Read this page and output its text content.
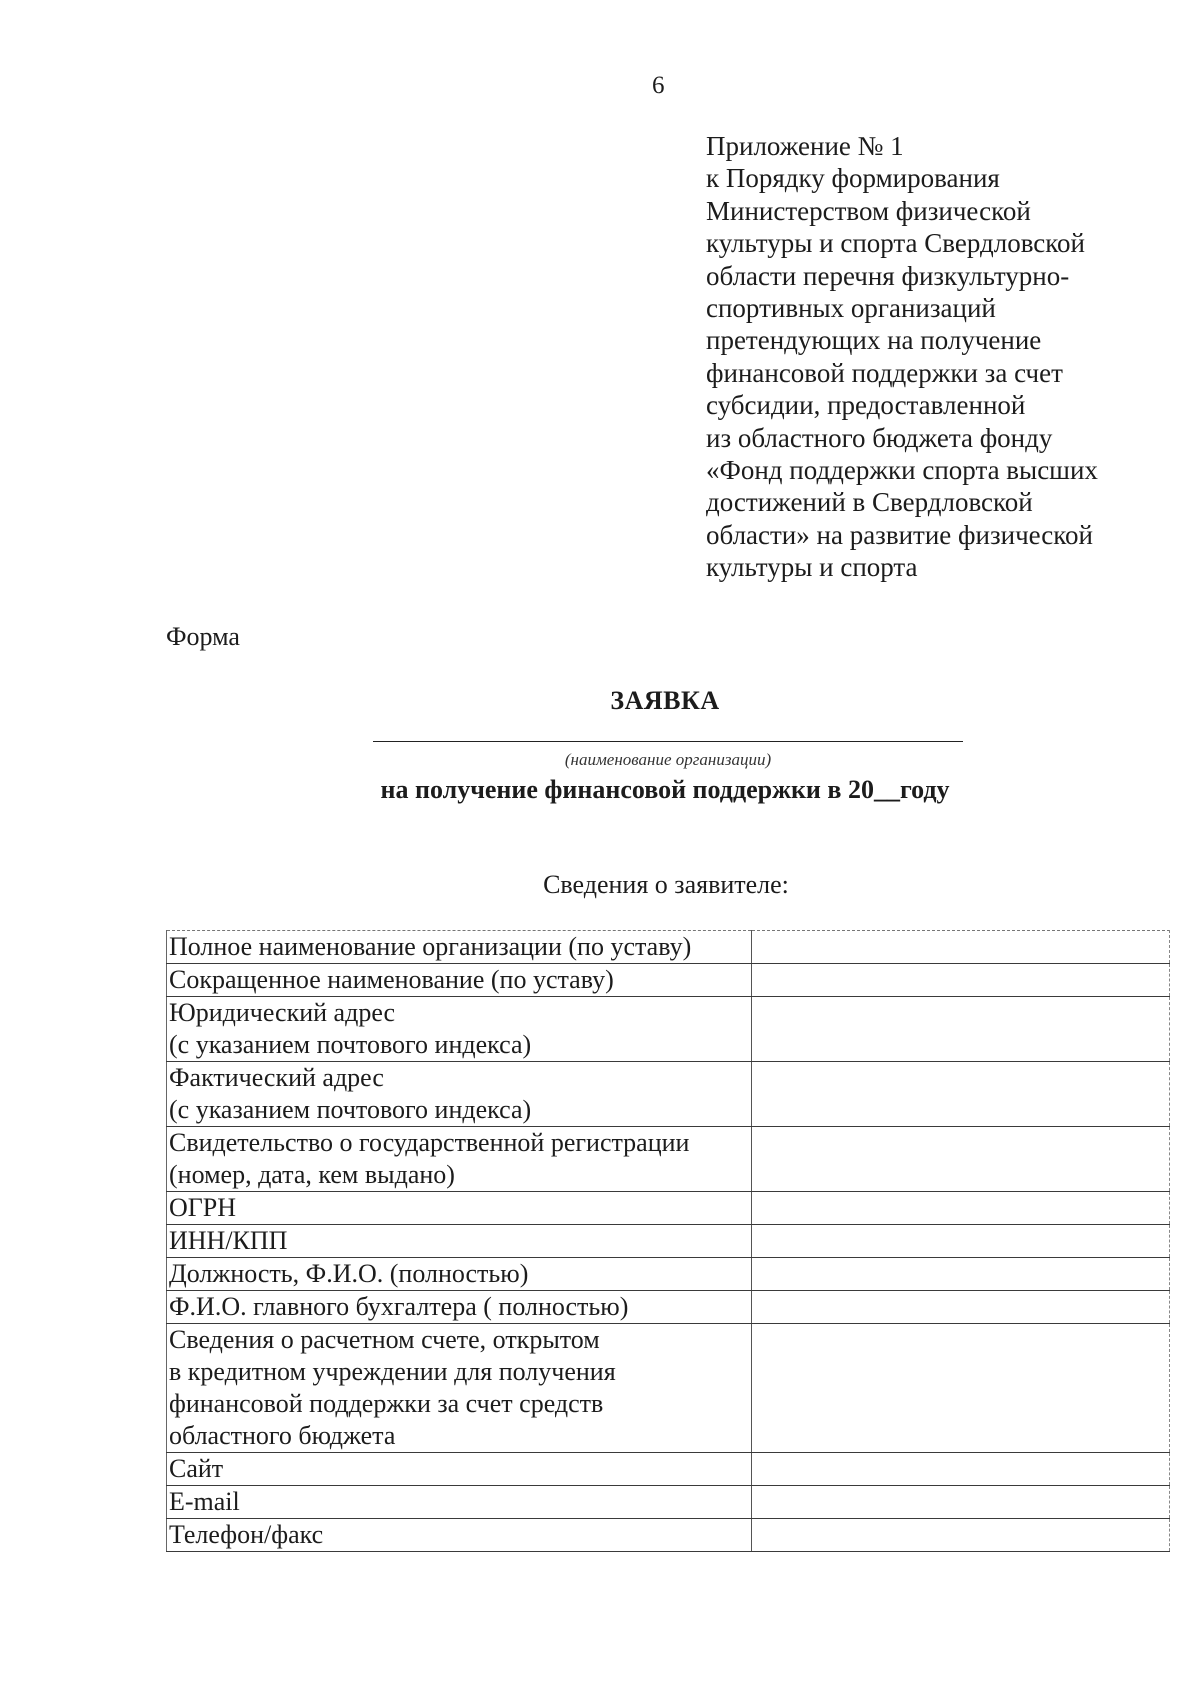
6
Приложение № 1
к Порядку формирования
Министерством физической
культуры и спорта Свердловской
области перечня физкультурно-
спортивных организаций
претендующих на получение
финансовой поддержки за счет
субсидии, предоставленной
из областного бюджета фонду
«Фонд поддержки спорта высших
достижений в Свердловской
области» на развитие физической
культуры и спорта
Форма
ЗАЯВКА
(наименование организации)
на получение финансовой поддержки в 20__году
Сведения о заявителе:
Полное наименование организации (по уставу)	

Сокращенное наименование (по уставу)	

Юридический адрес
(с указанием почтового индекса)	

Фактический адрес
(с указанием почтового индекса)	

Свидетельство о государственной регистрации
(номер, дата, кем выдано)	

ОГРН	

ИНН/КПП	

Должность, Ф.И.О. (полностью)	

Ф.И.О. главного бухгалтера ( полностью)	

Сведения о расчетном счете, открытом
в кредитном учреждении для получения
финансовой поддержки за счет средств
областного бюджета	

Сайт	

E-mail	

Телефон/факс	
